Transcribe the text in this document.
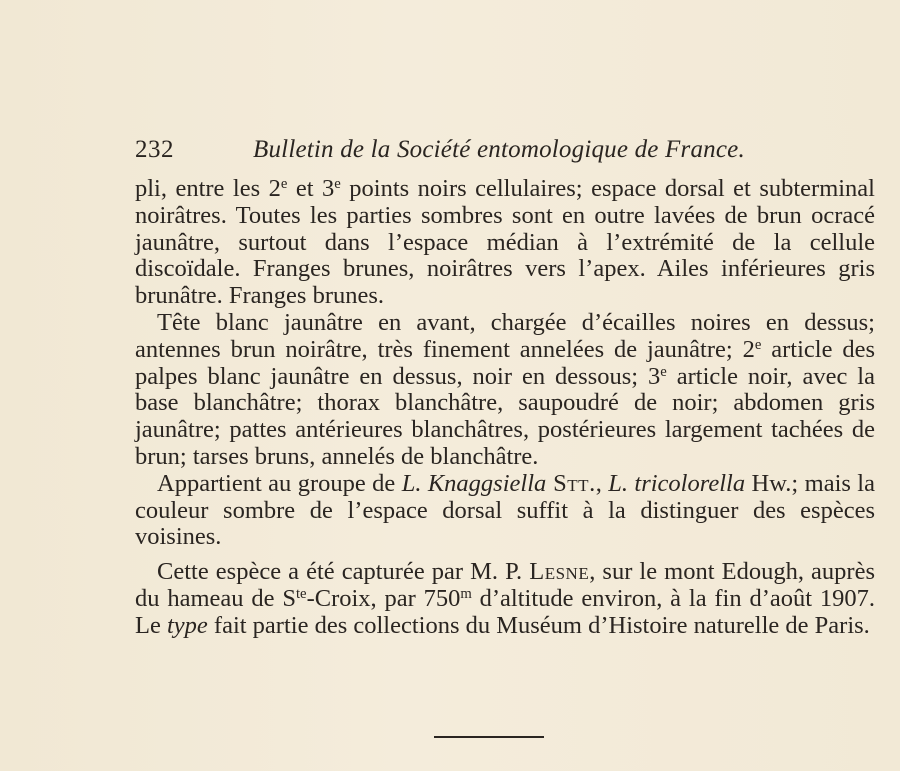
232	Bulletin de la Société entomologique de France.

pli, entre les 2e et 3e points noirs cellulaires; espace dorsal et subterminal noirâtres. Toutes les parties sombres sont en outre lavées de brun ocracé jaunâtre, surtout dans l’espace médian à l’extrémité de la cellule discoïdale. Franges brunes, noirâtres vers l’apex. Ailes inférieures gris brunâtre. Franges brunes.

Tête blanc jaunâtre en avant, chargée d’écailles noires en dessus; antennes brun noirâtre, très finement annelées de jaunâtre; 2e article des palpes blanc jaunâtre en dessus, noir en dessous; 3e article noir, avec la base blanchâtre; thorax blanchâtre, saupoudré de noir; abdomen gris jaunâtre; pattes antérieures blanchâtres, postérieures largement tachées de brun; tarses bruns, annelés de blanchâtre.

Appartient au groupe de L. Knaggsiella Stt., L. tricolorella Hw.; mais la couleur sombre de l’espace dorsal suffit à la distinguer des espèces voisines.

Cette espèce a été capturée par M. P. Lesne, sur le mont Edough, auprès du hameau de $S^{te}$-Croix, par 750$^m$ d’altitude environ, à la fin d’août 1907. Le type fait partie des collections du Muséum d’Histoire naturelle de Paris.
